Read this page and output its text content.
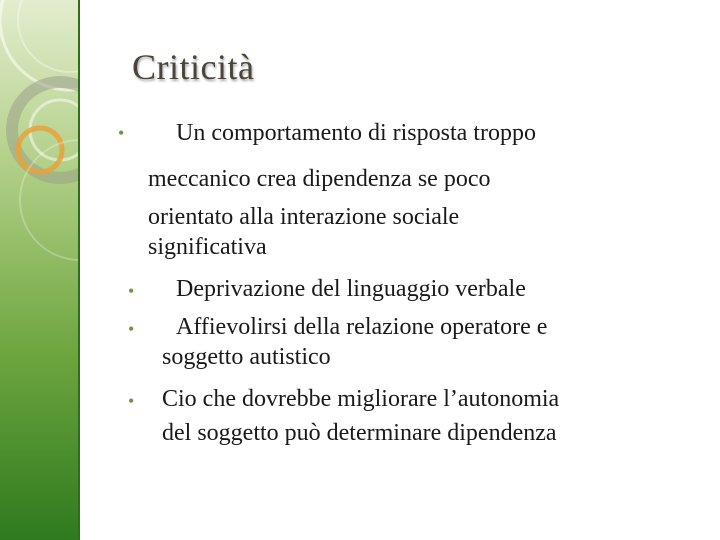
Criticità
• Un comportamento di risposta troppo
meccanico crea dipendenza se poco
orientato alla interazione sociale
significativa
• Deprivazione del linguaggio verbale
• Affievolirsi della relazione operatore e
soggetto autistico
• Cio che dovrebbe migliorare l’autonomia
del soggetto può determinare dipendenza
